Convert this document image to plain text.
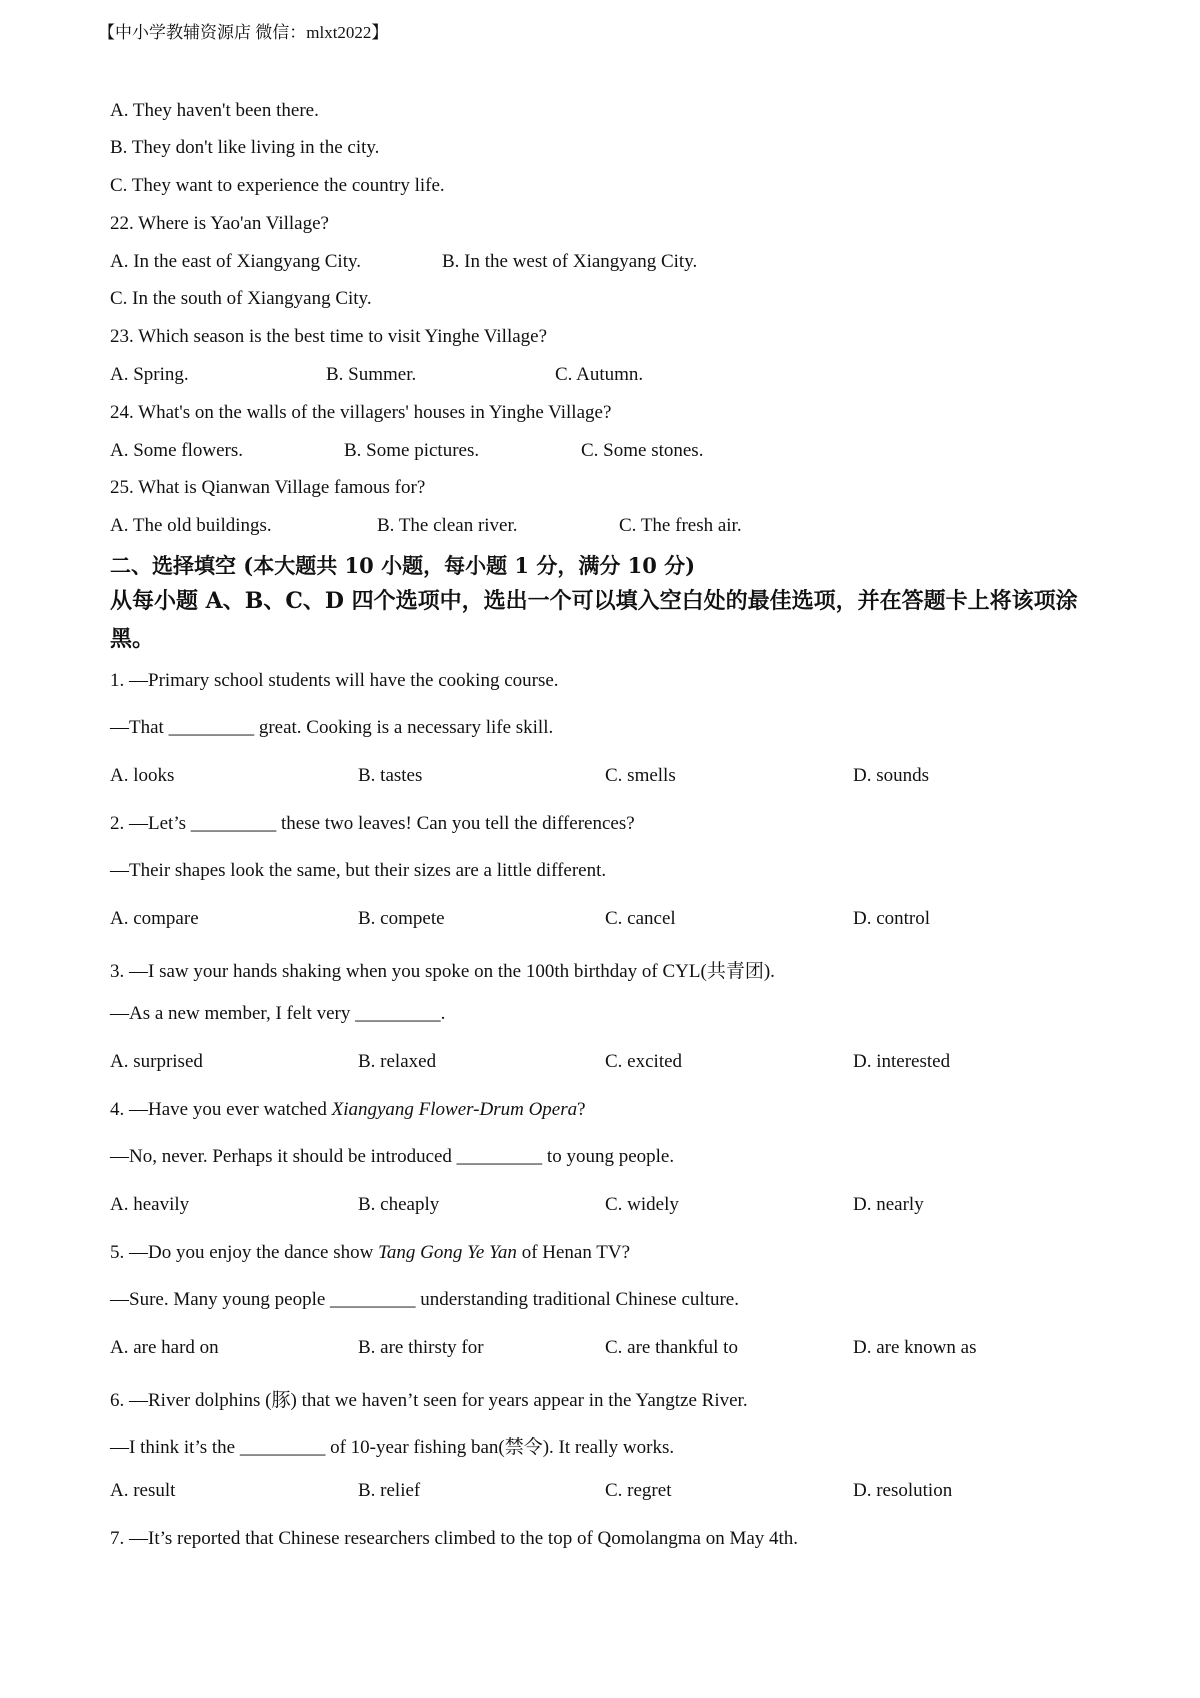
【中小学教辅资源店 微信：mlxt2022】
A. They haven't been there.
B. They don't like living in the city.
C. They want to experience the country life.
22. Where is Yao'an Village?
A. In the east of Xiangyang City.	B. In the west of Xiangyang City.
C. In the south of Xiangyang City.
23. Which season is the best time to visit Yinghe Village?
A. Spring.	B. Summer.	C. Autumn.
24. What's on the walls of the villagers' houses in Yinghe Village?
A. Some flowers.	B. Some pictures.	C. Some stones.
25. What is Qianwan Village famous for?
A. The old buildings.	B. The clean river.	C. The fresh air.
二、选择填空 (本大题共 10 小题，每小题 1 分，满分 10 分)
从每小题 A、B、C、D 四个选项中，选出一个可以填入空白处的最佳选项，并在答题卡上将该项涂黑。
1. —Primary school students will have the cooking course.
—That _________ great. Cooking is a necessary life skill.
A. looks	B. tastes	C. smells	D. sounds
2. —Let’s _________ these two leaves! Can you tell the differences?
—Their shapes look the same, but their sizes are a little different.
A. compare	B. compete	C. cancel	D. control
3. —I saw your hands shaking when you spoke on the 100th birthday of CYL(共青团).
—As a new member, I felt very _________.
A. surprised	B. relaxed	C. excited	D. interested
4. —Have you ever watched Xiangyang Flower-Drum Opera?
—No, never. Perhaps it should be introduced _________ to young people.
A. heavily	B. cheaply	C. widely	D. nearly
5. —Do you enjoy the dance show Tang Gong Ye Yan of Henan TV?
—Sure. Many young people _________ understanding traditional Chinese culture.
A. are hard on	B. are thirsty for	C. are thankful to	D. are known as
6. —River dolphins (豚) that we haven’t seen for years appear in the Yangtze River.
—I think it’s the _________ of 10-year fishing ban(禁令). It really works.
A. result	B. relief	C. regret	D. resolution
7. —It’s reported that Chinese researchers climbed to the top of Qomolangma on May 4th.
